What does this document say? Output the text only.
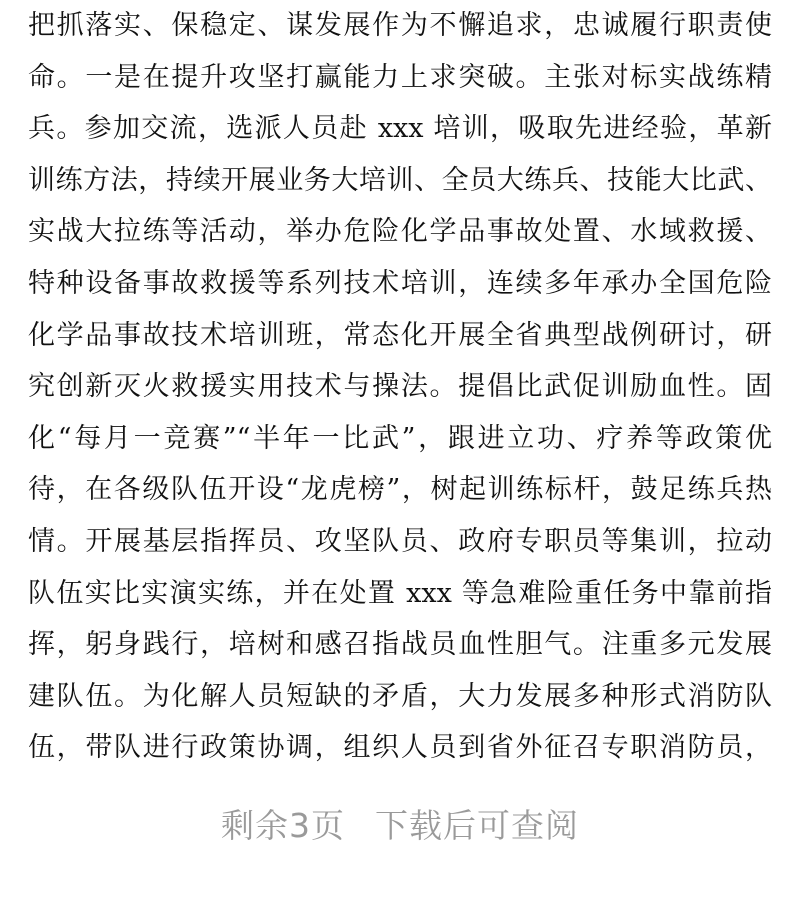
把抓落实、保稳定、谋发展作为不懈追求，忠诚履行职责使
命。一是在提升攻坚打赢能力上求突破。主张对标实战练精
兵。参加交流，选派人员赴 xxx 培训，吸取先进经验，革新
训练方法，持续开展业务大培训、全员大练兵、技能大比武、
实战大拉练等活动，举办危险化学品事故处置、水域救援、
特种设备事故救援等系列技术培训，连续多年承办全国危险
化学品事故技术培训班，常态化开展全省典型战例研讨，研
究创新灭火救援实用技术与操法。提倡比武促训励血性。固
化“每月一竞赛”“半年一比武”，跟进立功、疗养等政策优
待，在各级队伍开设“龙虎榜”，树起训练标杆，鼓足练兵热
情。开展基层指挥员、攻坚队员、政府专职员等集训，拉动
队伍实比实演实练，并在处置 xxx 等急难险重任务中靠前指
挥，躬身践行，培树和感召指战员血性胆气。注重多元发展
建队伍。为化解人员短缺的矛盾，大力发展多种形式消防队
伍，带队进行政策协调，组织人员到省外征召专职消防员，
剩余3页 下载后可查阅
